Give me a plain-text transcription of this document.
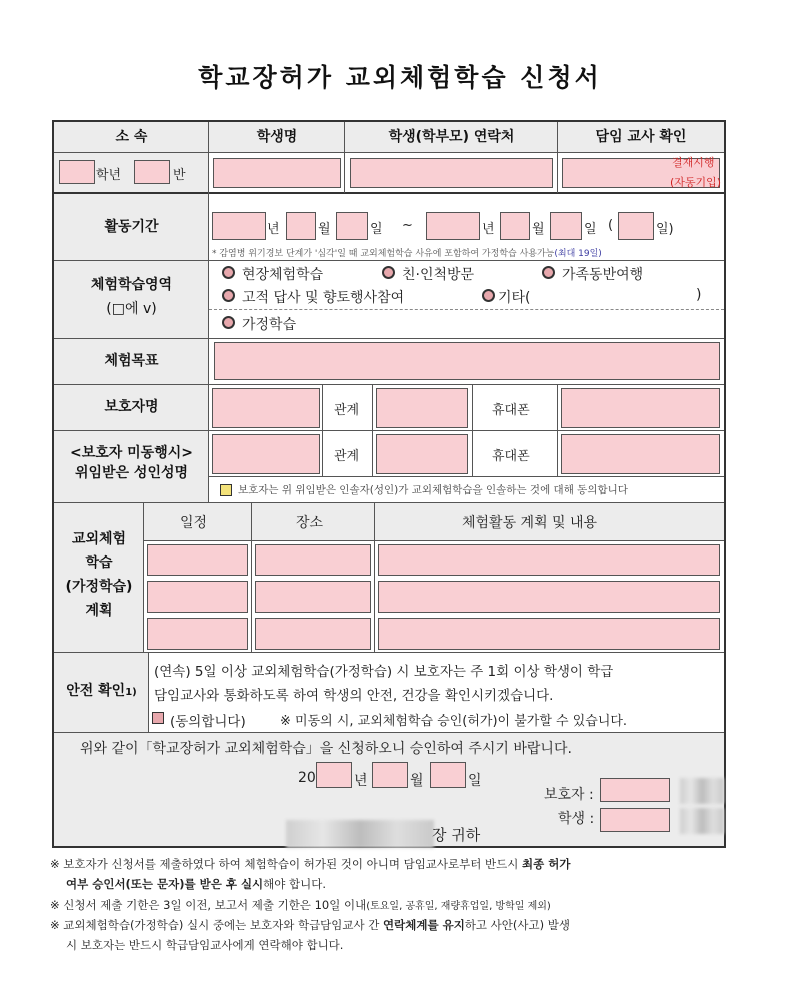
학교장허가 교외체험학습 신청서
소 속	학생명	학생(학부모) 연락처	담임 교사 확인
학년	반
결재시행
(자동기입)
활동기간	년	월	일 ~	년	월	일 (	일)
* 감염병 위기경보 단계가 '심각'일 때 교외체험학습 사유에 포함하여 가정학습 사용가능(최대 19일)
체험학습영역
(□에 v)
현장체험학습	친·인척방문	가족동반여행
고적 답사 및 향토행사참여	기타(	)
가정학습
체험목표
보호자명	관계	휴대폰
<보호자 미동행시>
위임받은 성인성명
관계	휴대폰
보호자는 위 위임받은 인솔자(성인)가 교외체험학습을 인솔하는 것에 대해 동의합니다
교외체험
학습
(가정학습)
계획
일정	장소	체험활동 계획 및 내용
안전 확인1)
(연속) 5일 이상 교외체험학습(가정학습) 시 보호자는 주 1회 이상 학생이 학급
담임교사와 통화하도록 하여 학생의 안전, 건강을 확인시키겠습니다.
(동의합니다)	※ 미동의 시, 교외체험학습 승인(허가)이 불가할 수 있습니다.
위와 같이「학교장허가 교외체험학습」을 신청하오니 승인하여 주시기 바랍니다.
20	년	월	일
보호자 :
학생 :
장 귀하
※ 보호자가 신청서를 제출하였다 하여 체험학습이 허가된 것이 아니며 담임교사로부터 반드시 최종 허가
여부 승인서(또는 문자)를 받은 후 실시해야 합니다.
※ 신청서 제출 기한은 3일 이전, 보고서 제출 기한은 10일 이내(토요일, 공휴일, 재량휴업일, 방학일 제외)
※ 교외체험학습(가정학습) 실시 중에는 보호자와 학급담임교사 간 연락체계를 유지하고 사안(사고) 발생
시 보호자는 반드시 학급담임교사에게 연락해야 합니다.
